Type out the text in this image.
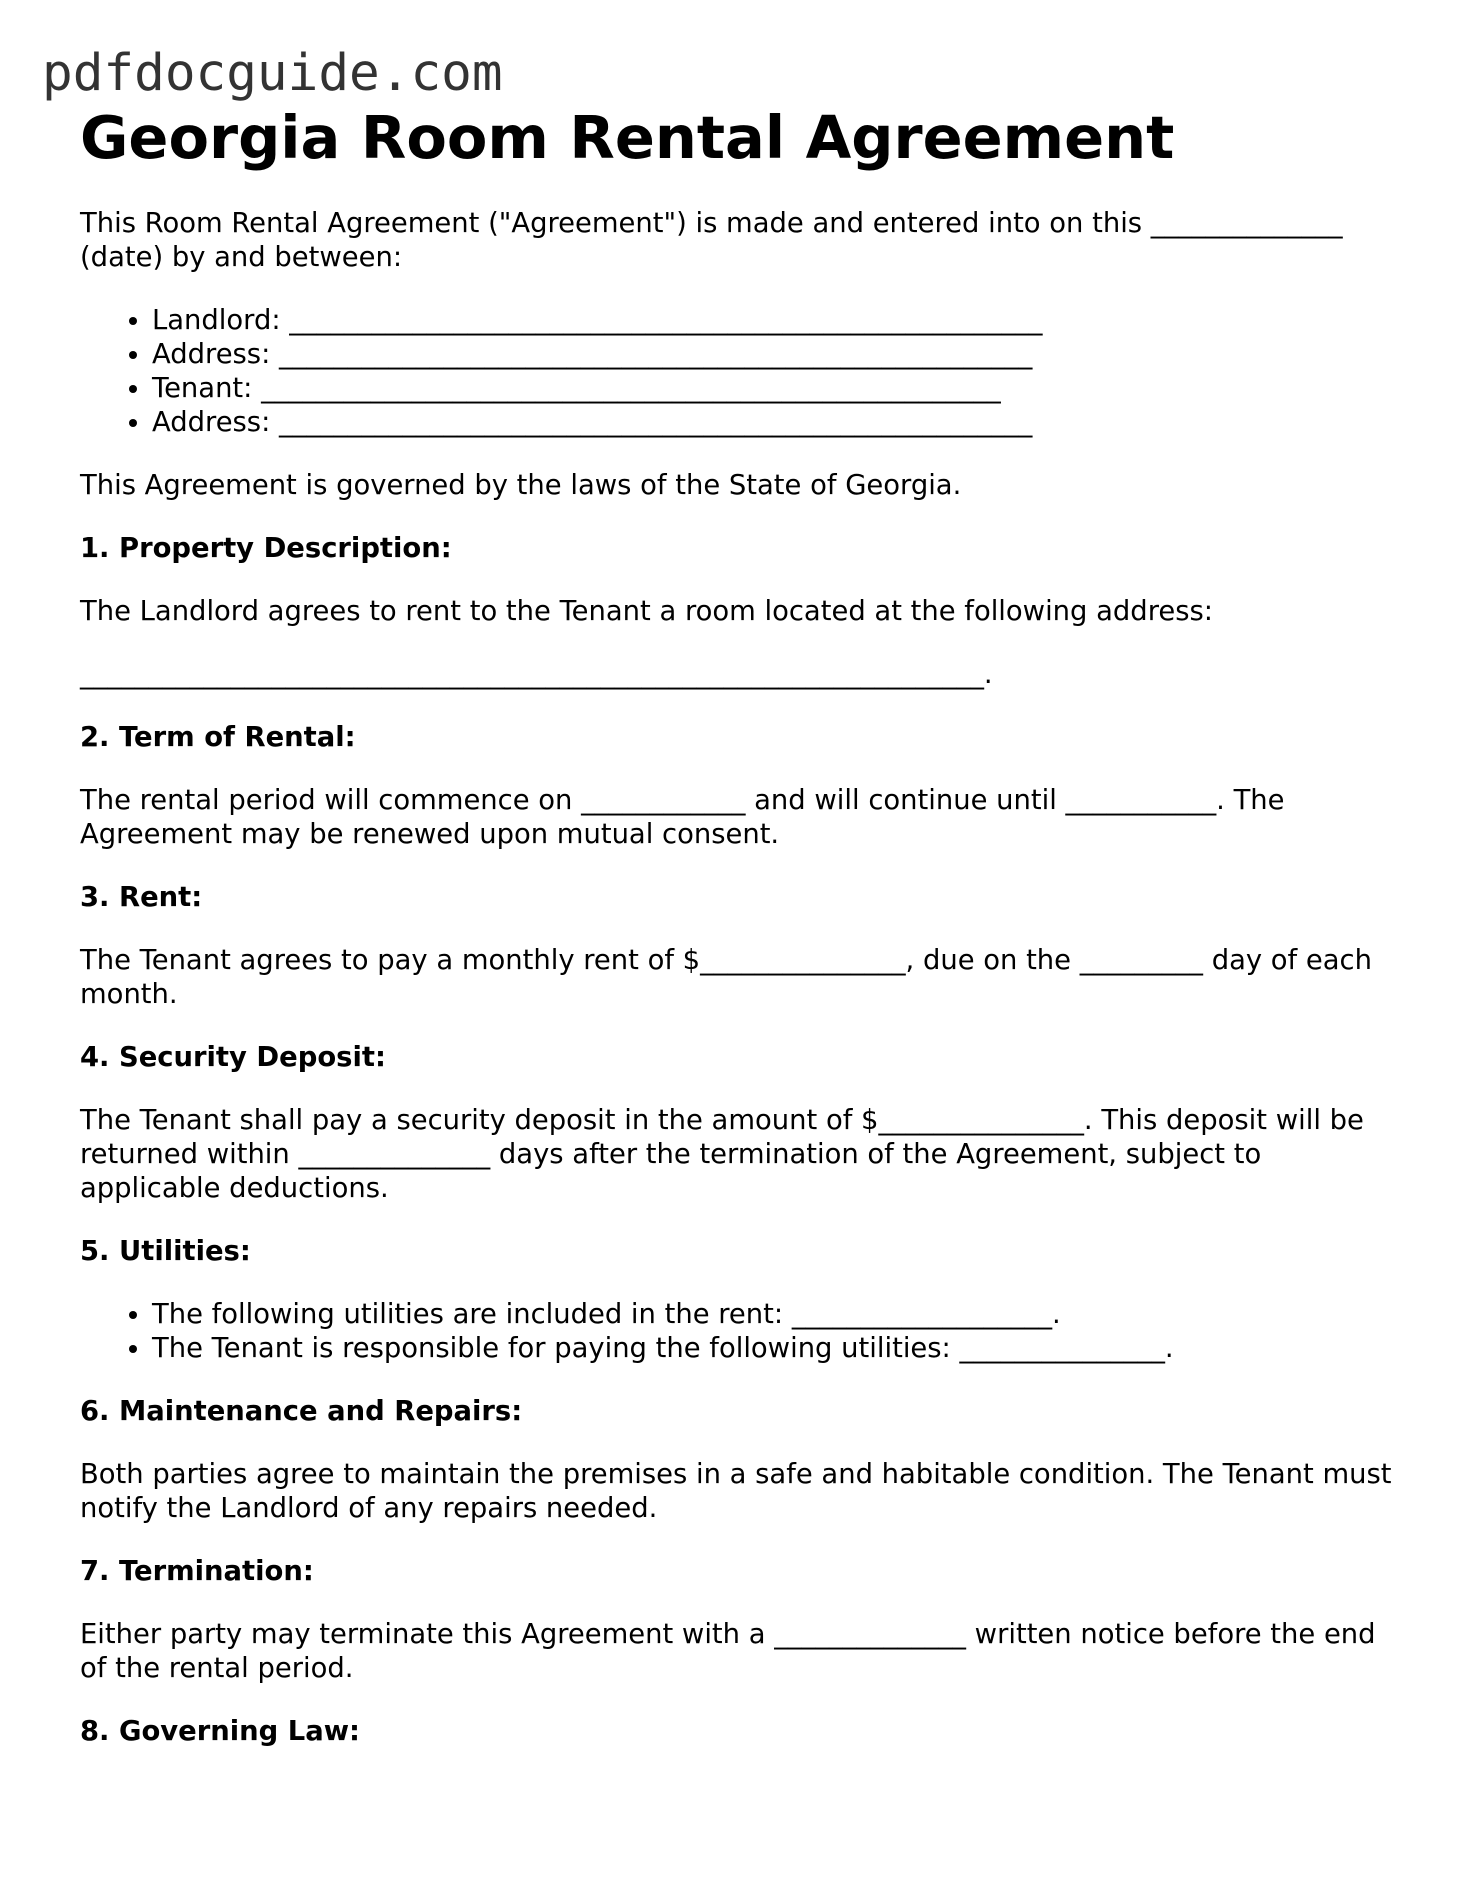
pdfdocguide.com
Georgia Room Rental Agreement

This Room Rental Agreement ("Agreement") is made and entered into on this ______________ (date) by and between:

• Landlord: _______________________________________________________
• Address: _______________________________________________________
• Tenant: ______________________________________________________
• Address: _______________________________________________________

This Agreement is governed by the laws of the State of Georgia.

1. Property Description:

The Landlord agrees to rent to the Tenant a room located at the following address:

__________________________________________________________________.

2. Term of Rental:

The rental period will commence on ____________ and will continue until ___________. The Agreement may be renewed upon mutual consent.

3. Rent:

The Tenant agrees to pay a monthly rent of $_______________, due on the _________ day of each month.

4. Security Deposit:

The Tenant shall pay a security deposit in the amount of $_______________. This deposit will be returned within ______________ days after the termination of the Agreement, subject to applicable deductions.

5. Utilities:
• The following utilities are included in the rent: ___________________.
• The Tenant is responsible for paying the following utilities: _______________.
6. Maintenance and Repairs:

Both parties agree to maintain the premises in a safe and habitable condition. The Tenant must notify the Landlord of any repairs needed.

7. Termination:

Either party may terminate this Agreement with a ______________ written notice before the end of the rental period.

8. Governing Law:
